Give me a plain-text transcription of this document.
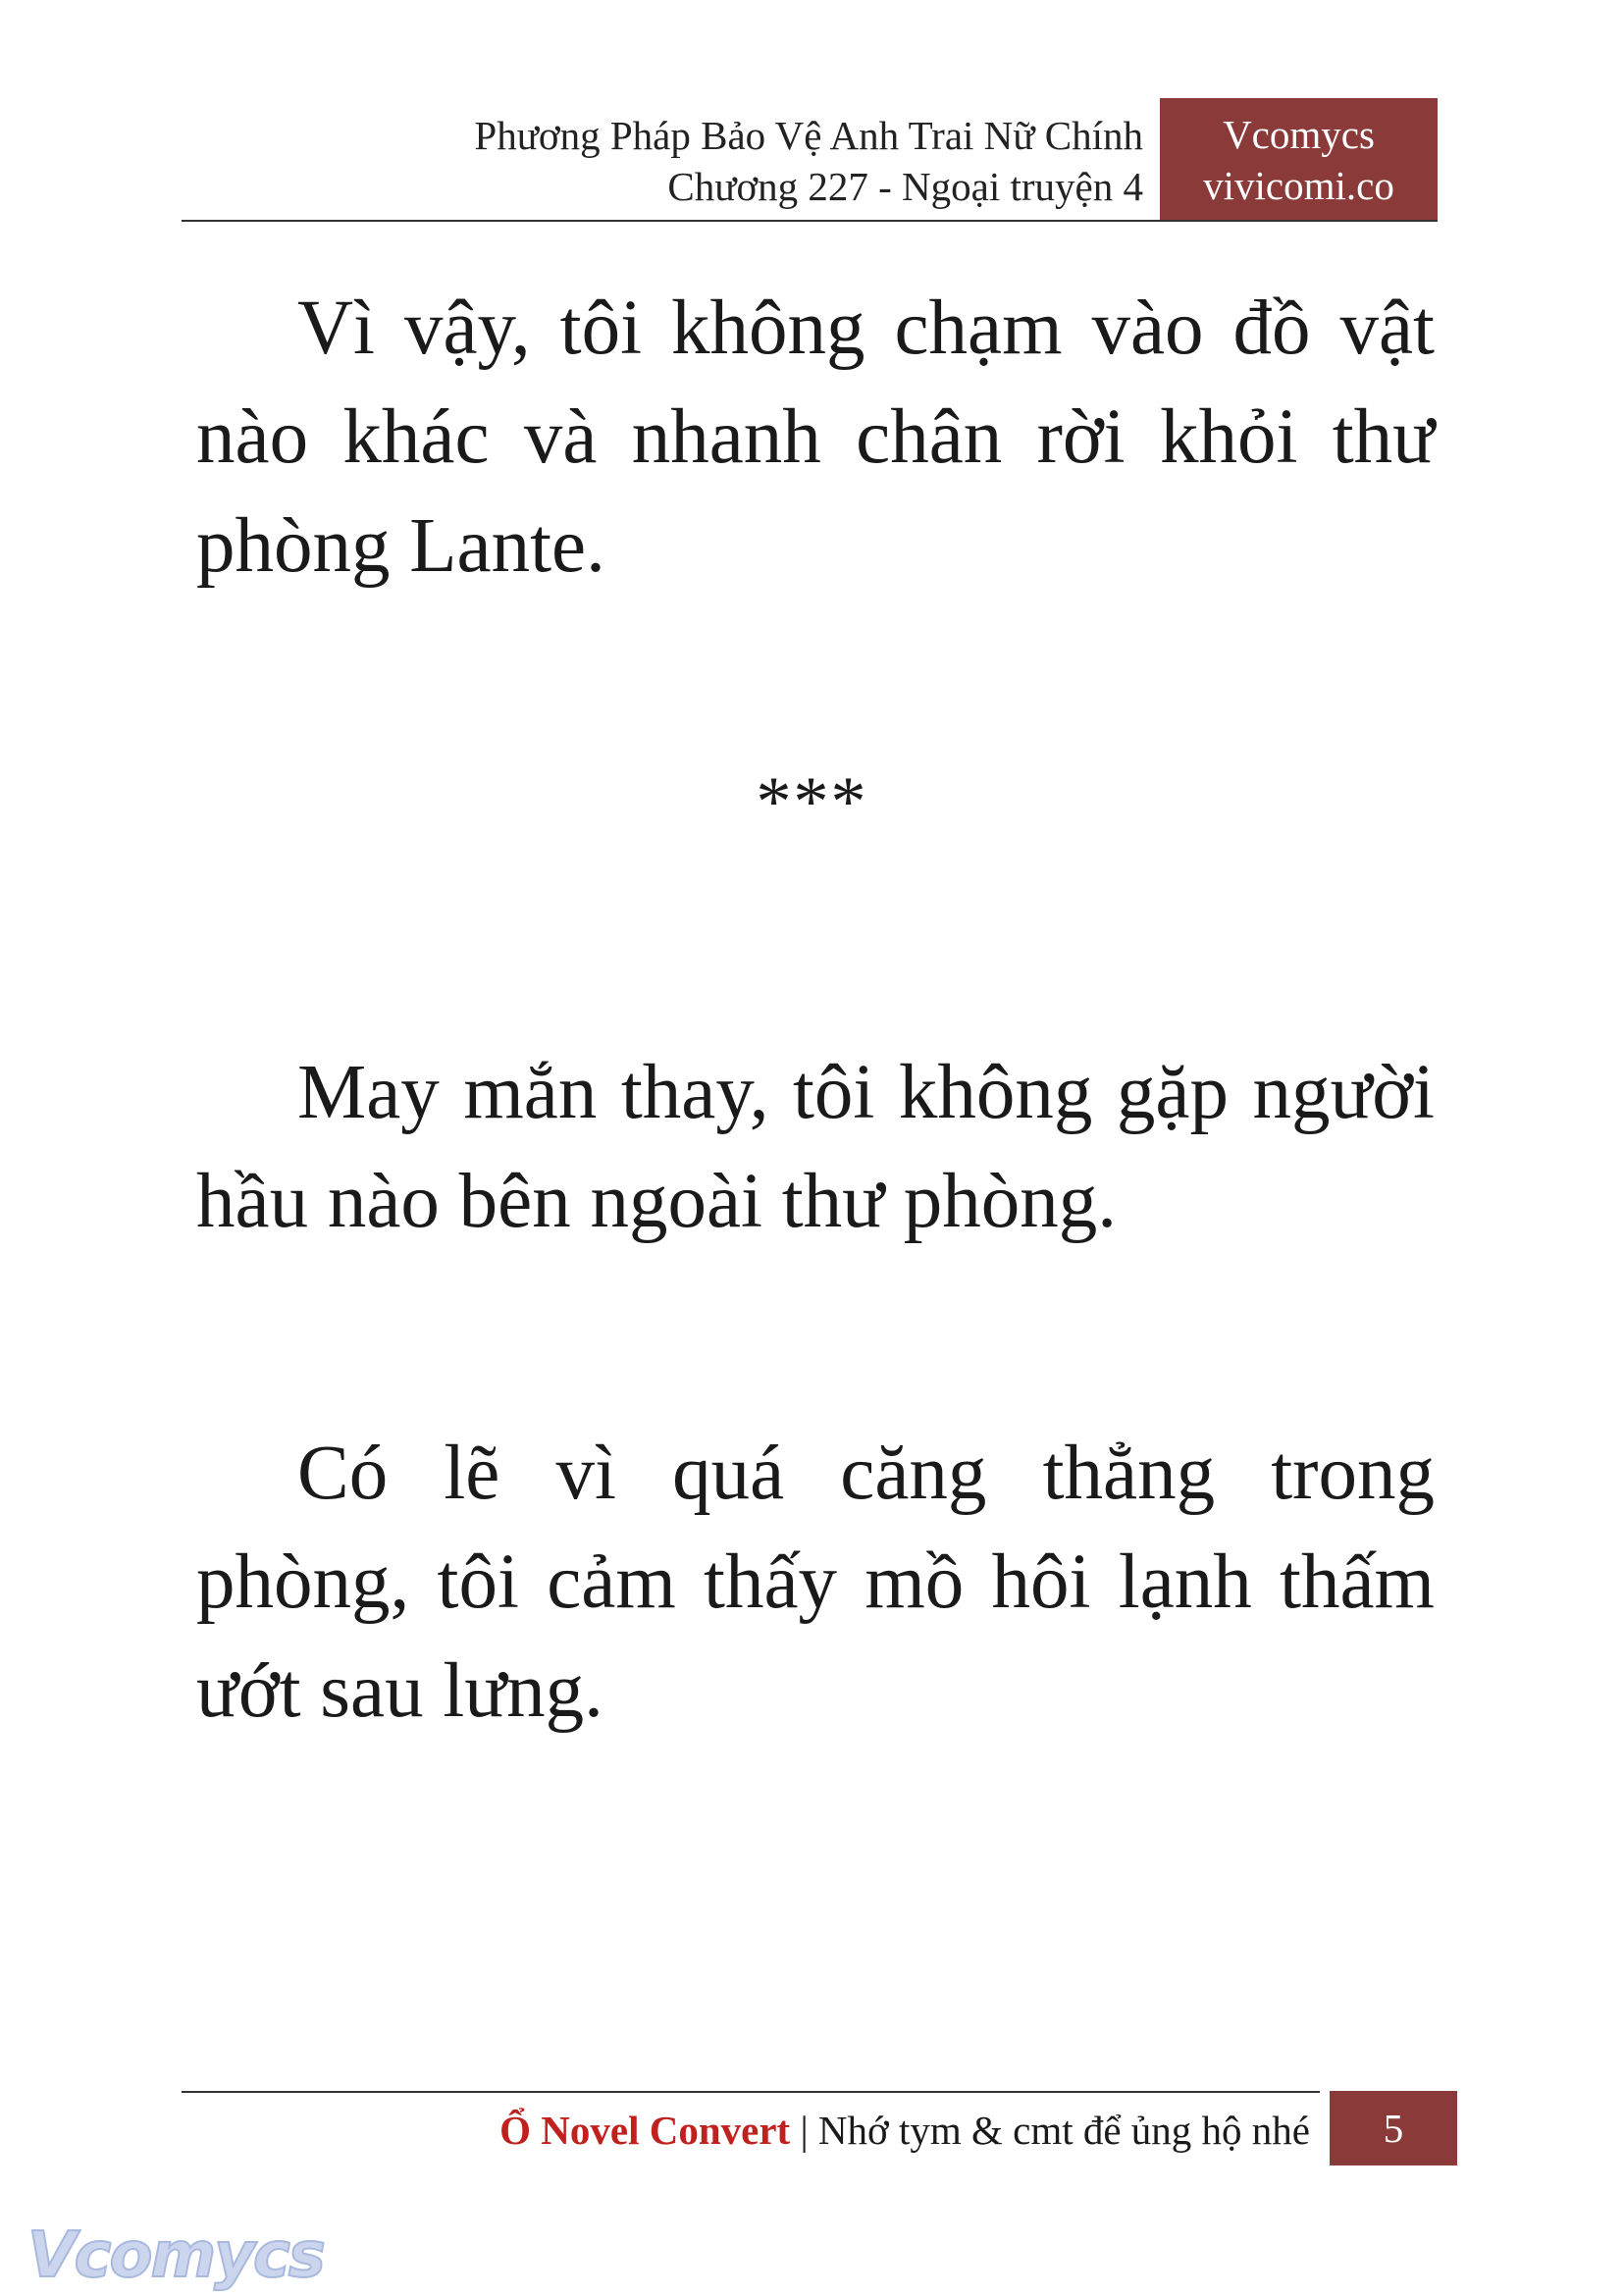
Phương Pháp Bảo Vệ Anh Trai Nữ Chính
Chương 227 - Ngoại truyện 4
Vcomycs
vivicomi.co

Vì vậy, tôi không chạm vào đồ vật nào khác và nhanh chân rời khỏi thư phòng Lante.

***

May mắn thay, tôi không gặp người hầu nào bên ngoài thư phòng.

Có lẽ vì quá căng thẳng trong phòng, tôi cảm thấy mồ hôi lạnh thấm ướt sau lưng.

Ổ Novel Convert | Nhớ tym & cmt để ủng hộ nhé	5
Vcomycs
